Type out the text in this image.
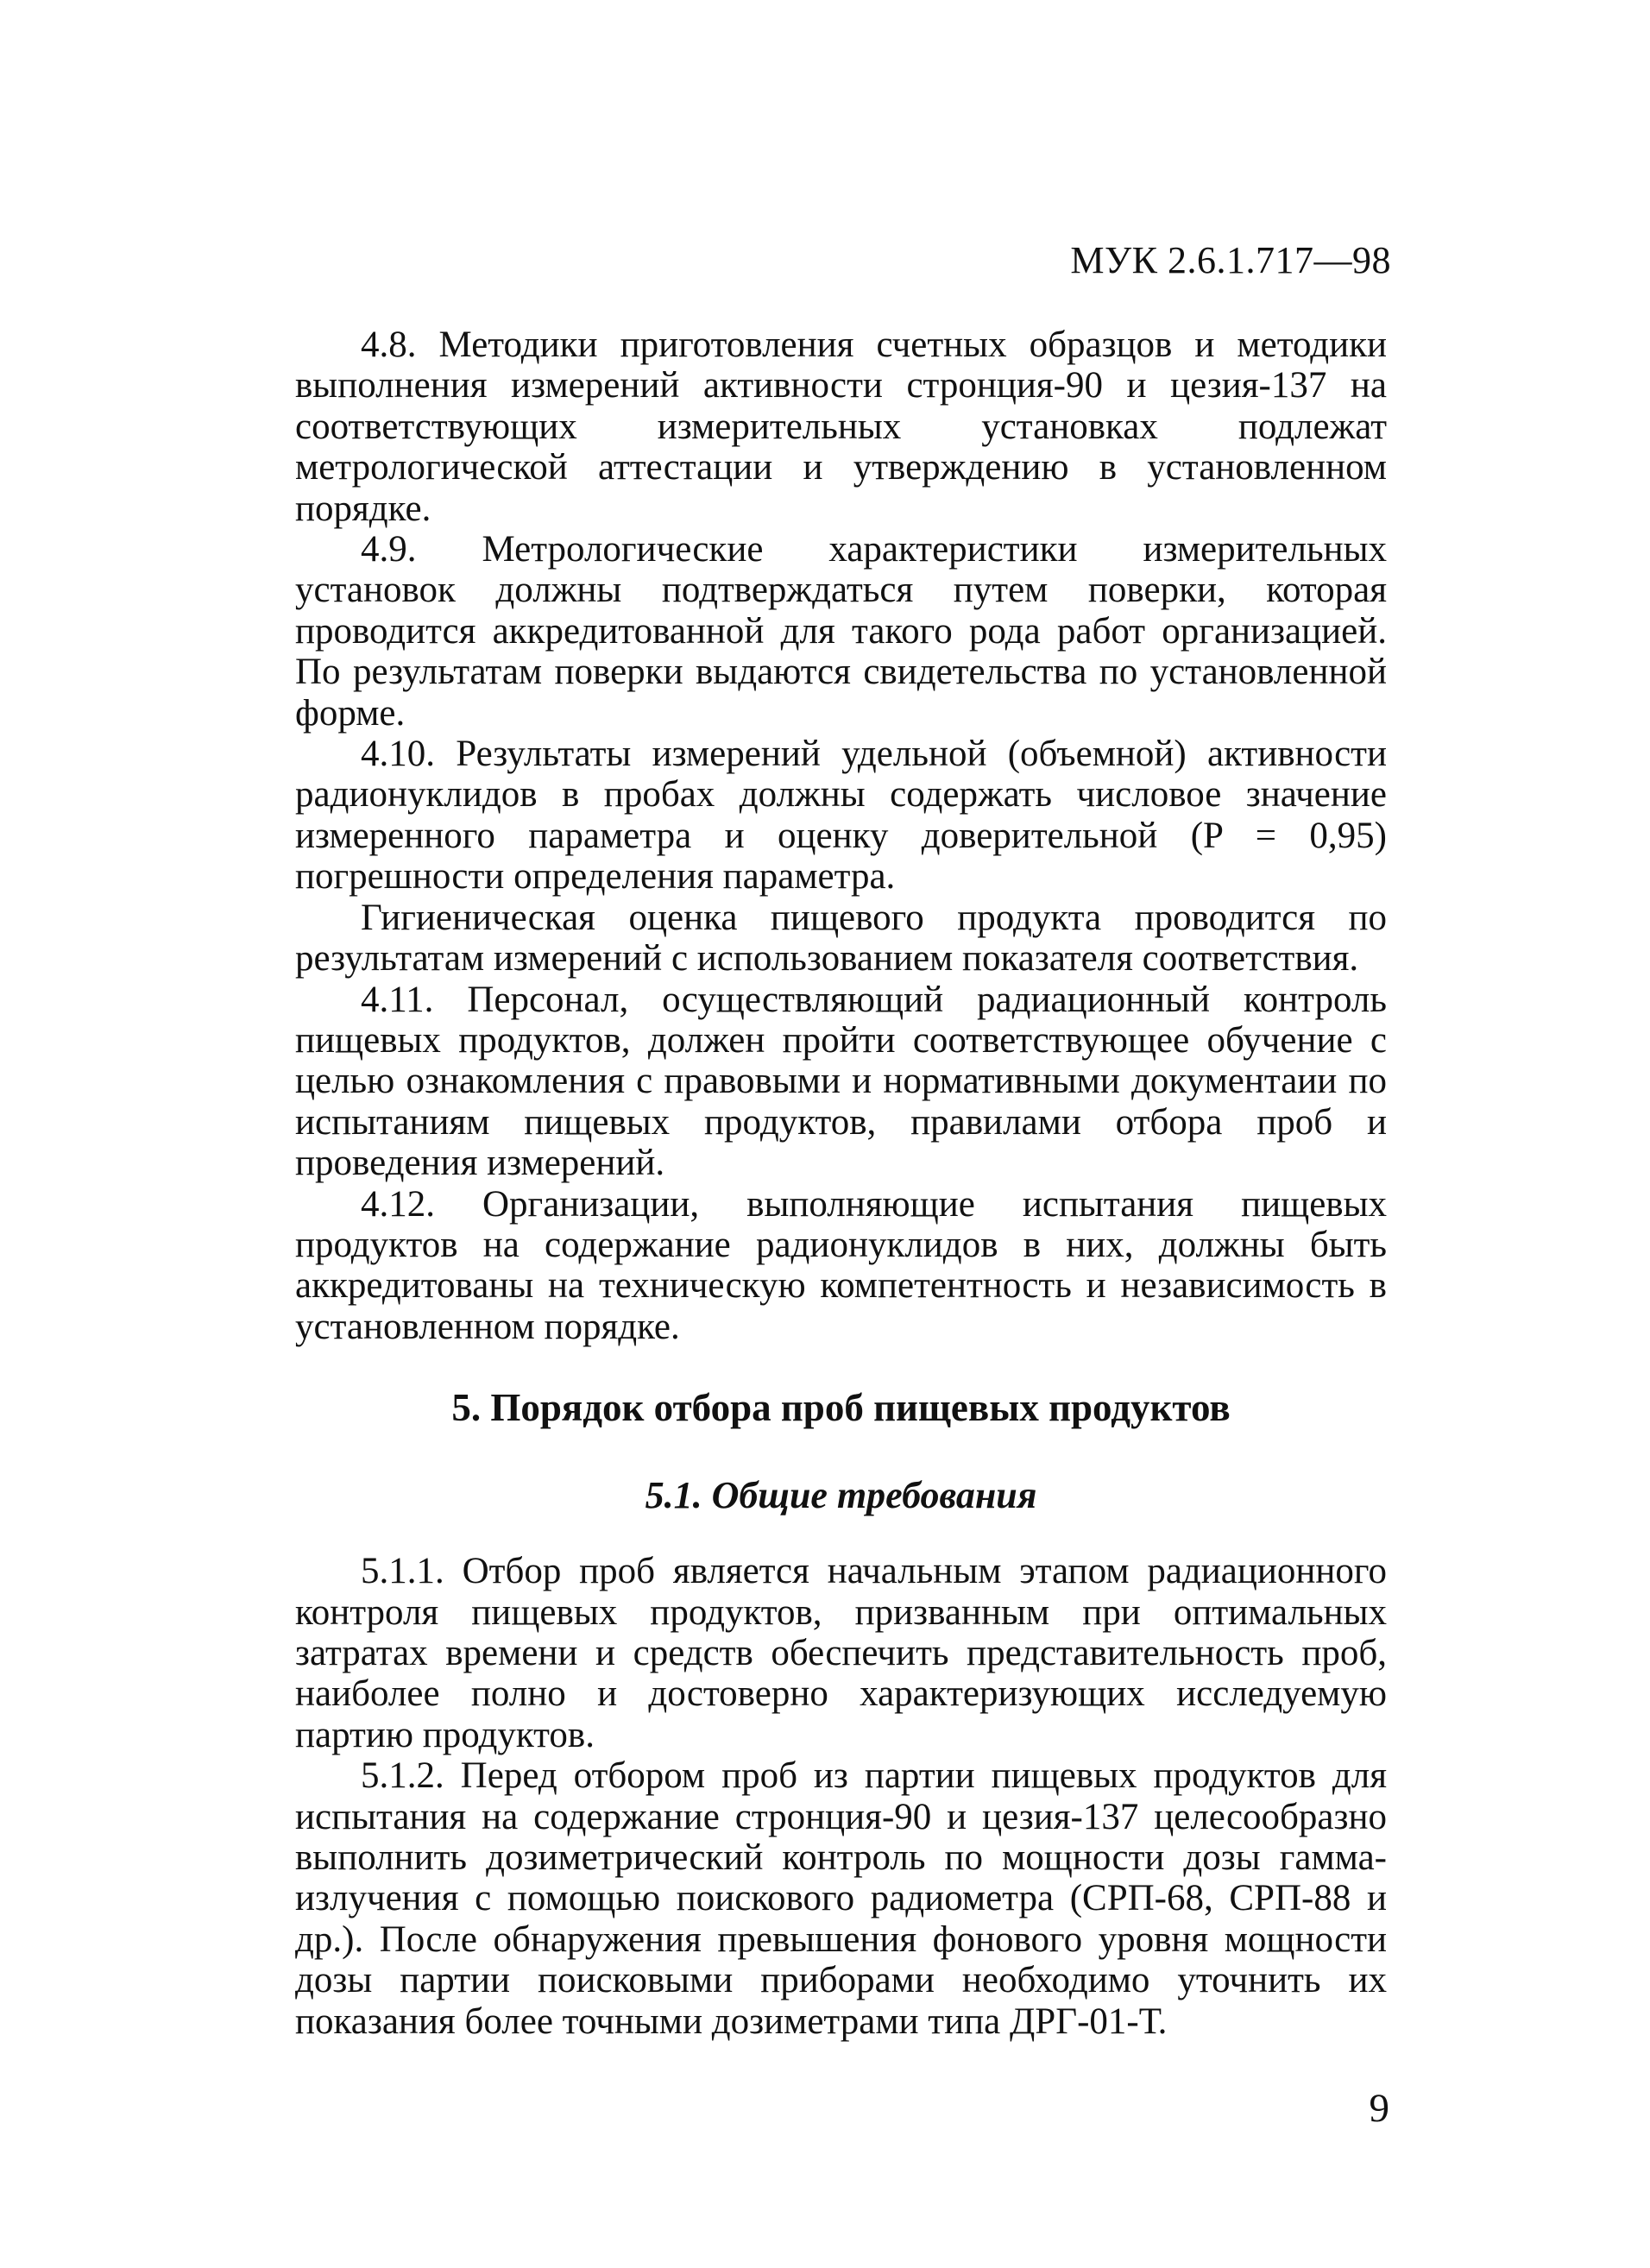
МУК 2.6.1.717—98

4.8. Методики приготовления счетных образцов и методики выполнения измерений активности стронция-90 и цезия-137 на соответствующих измерительных установках подлежат метрологической аттестации и утверждению в установленном порядке.

4.9. Метрологические характеристики измерительных установок должны подтверждаться путем поверки, которая проводится аккредитованной для такого рода работ организацией. По результатам поверки выдаются свидетельства по установленной форме.

4.10. Результаты измерений удельной (объемной) активности радионуклидов в пробах должны содержать числовое значение измеренного параметра и оценку доверительной (P = 0,95) погрешности определения параметра.

Гигиеническая оценка пищевого продукта проводится по результатам измерений с использованием показателя соответствия.

4.11. Персонал, осуществляющий радиационный контроль пищевых продуктов, должен пройти соответствующее обучение с целью ознакомления с правовыми и нормативными документаии по испытаниям пищевых продуктов, правилами отбора проб и проведения измерений.

4.12. Организации, выполняющие испытания пищевых продуктов на содержание радионуклидов в них, должны быть аккредитованы на техническую компетентность и независимость в установленном порядке.

5. Порядок отбора проб пищевых продуктов
5.1. Общие требования

5.1.1. Отбор проб является начальным этапом радиационного контроля пищевых продуктов, призванным при оптимальных затратах времени и средств обеспечить представительность проб, наиболее полно и достоверно характеризующих исследуемую партию продуктов.

5.1.2. Перед отбором проб из партии пищевых продуктов для испытания на содержание стронция-90 и цезия-137 целесообразно выполнить дозиметрический контроль по мощности дозы гамма-излучения с помощью поискового радиометра (СРП-68, СРП-88 и др.). После обнаружения превышения фонового уровня мощности дозы партии поисковыми приборами необходимо уточнить их показания более точными дозиметрами типа ДРГ-01-Т.

9
